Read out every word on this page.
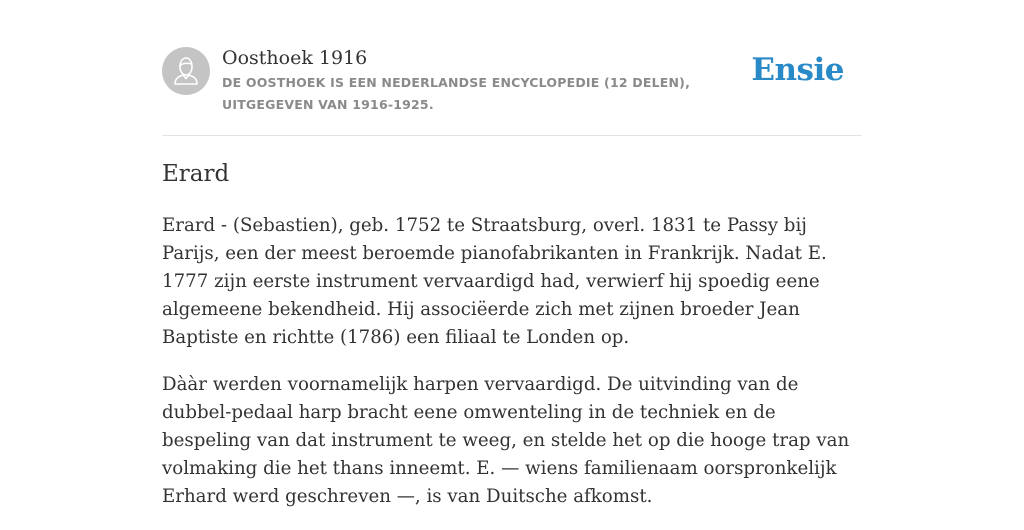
Oosthoek 1916
DE OOSTHOEK IS EEN NEDERLANDSE ENCYCLOPEDIE (12 DELEN), UITGEGEVEN VAN 1916-1925.
Ensie
Erard

Erard - (Sebastien), geb. 1752 te Straatsburg, overl. 1831 te Passy bij Parijs, een der meest beroemde pianofabrikanten in Frankrijk. Nadat E. 1777 zijn eerste instrument vervaardigd had, verwierf hij spoedig eene algemeene bekendheid. Hij associëerde zich met zijnen broeder Jean Baptiste en richtte (1786) een filiaal te Londen op.

Dààr werden voornamelijk harpen vervaardigd. De uitvinding van de dubbel-pedaal harp bracht eene omwenteling in de techniek en de bespeling van dat instrument te weeg, en stelde het op die hooge trap van volmaking die het thans inneemt. E. — wiens familienaam oorspronkelijk Erhard werd geschreven —, is van Duitsche afkomst.
